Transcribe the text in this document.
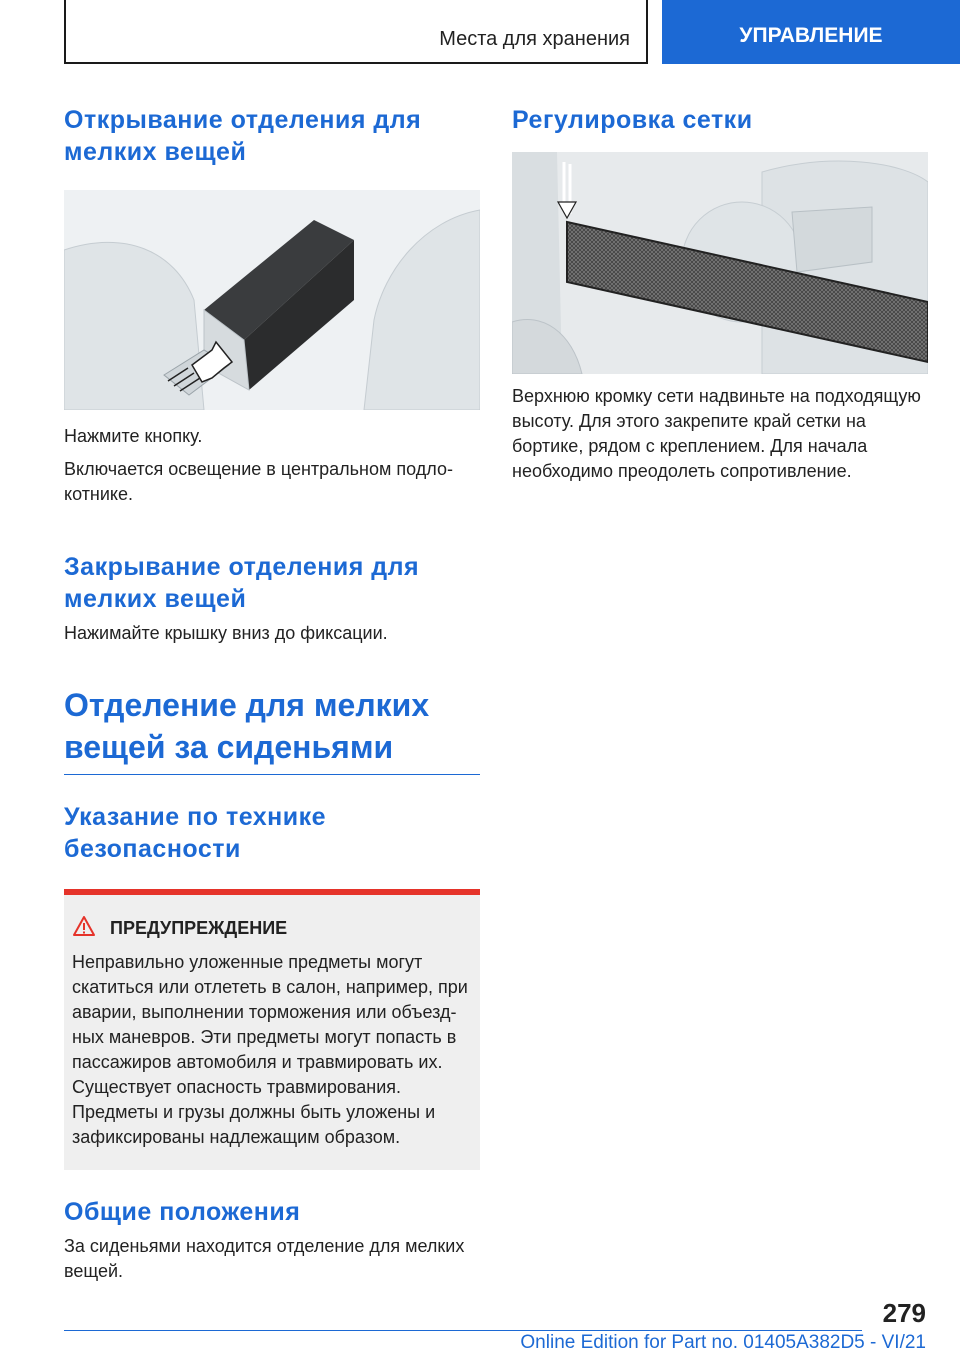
Места для хранения	УПРАВЛЕНИЕ
Открывание отделения для мелких вещей

Нажмите кнопку.

Включается освещение в центральном подлокотнике.

Закрывание отделения для мелких вещей

Нажимайте крышку вниз до фиксации.

Отделение для мелких вещей за сиденьями
Указание по технике безопасности
ПРЕДУПРЕЖДЕНИЕ

Неправильно уложенные предметы могут скатиться или отлететь в салон, например, при аварии, выполнении торможения или объездных маневров. Эти предметы могут попасть в пассажиров автомобиля и травмировать их. Существует опасность травмирования. Предметы и грузы должны быть уложены и зафиксированы надлежащим образом.

Общие положения

За сиденьями находится отделение для мелких вещей.

Регулировка сетки

Верхнюю кромку сети надвиньте на подходящую высоту. Для этого закрепите край сетки на бортике, рядом с креплением. Для начала необходимо преодолеть сопротивление.

279
Online Edition for Part no. 01405A382D5 - VI/21
